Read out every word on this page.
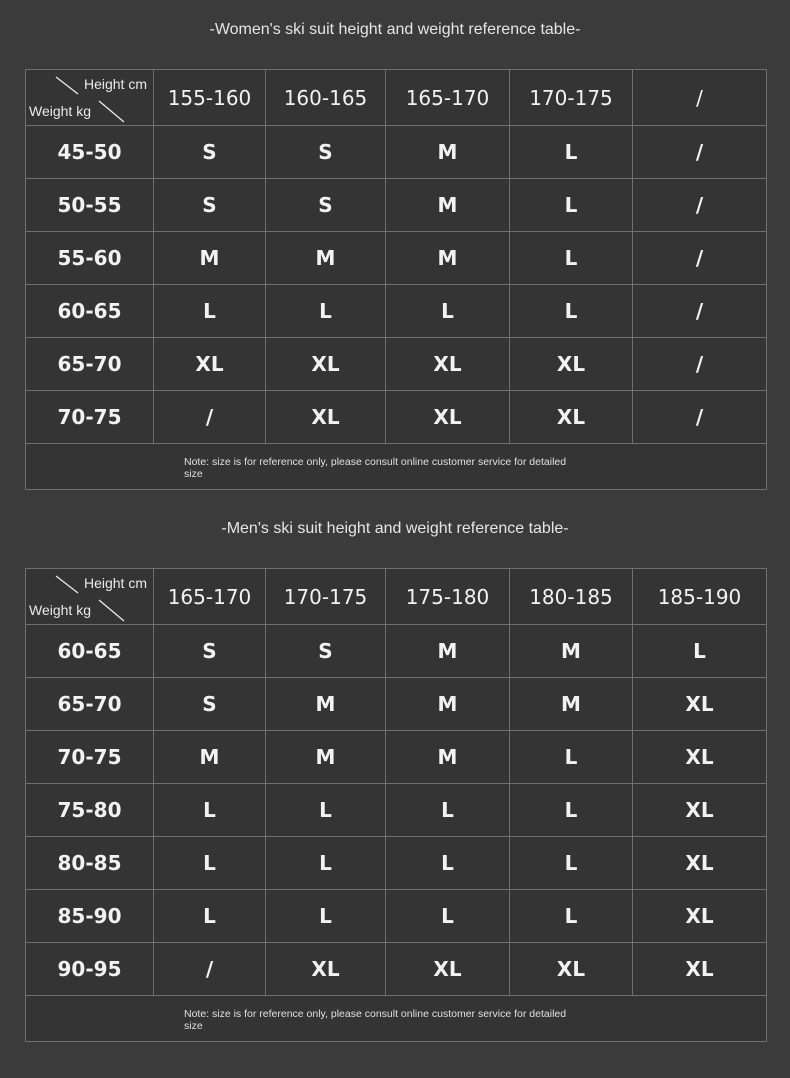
-Women's ski suit height and weight reference table-
Height cm
Weight kg	155-160	160-165	165-170	170-175	/
45-50	S	S	M	L	/
50-55	S	S	M	L	/
55-60	M	M	M	L	/
60-65	L	L	L	L	/
65-70	XL	XL	XL	XL	/
70-75	/	XL	XL	XL	/

Note: size is for reference only, please consult online customer service for detailed size					
-Men's ski suit height and weight reference table-
Height cm
Weight kg	165-170	170-175	175-180	180-185	185-190
60-65	S	S	M	M	L
65-70	S	M	M	M	XL
70-75	M	M	M	L	XL
75-80	L	L	L	L	XL
80-85	L	L	L	L	XL
85-90	L	L	L	L	XL
90-95	/	XL	XL	XL	XL

Note: size is for reference only, please consult online customer service for detailed size					
